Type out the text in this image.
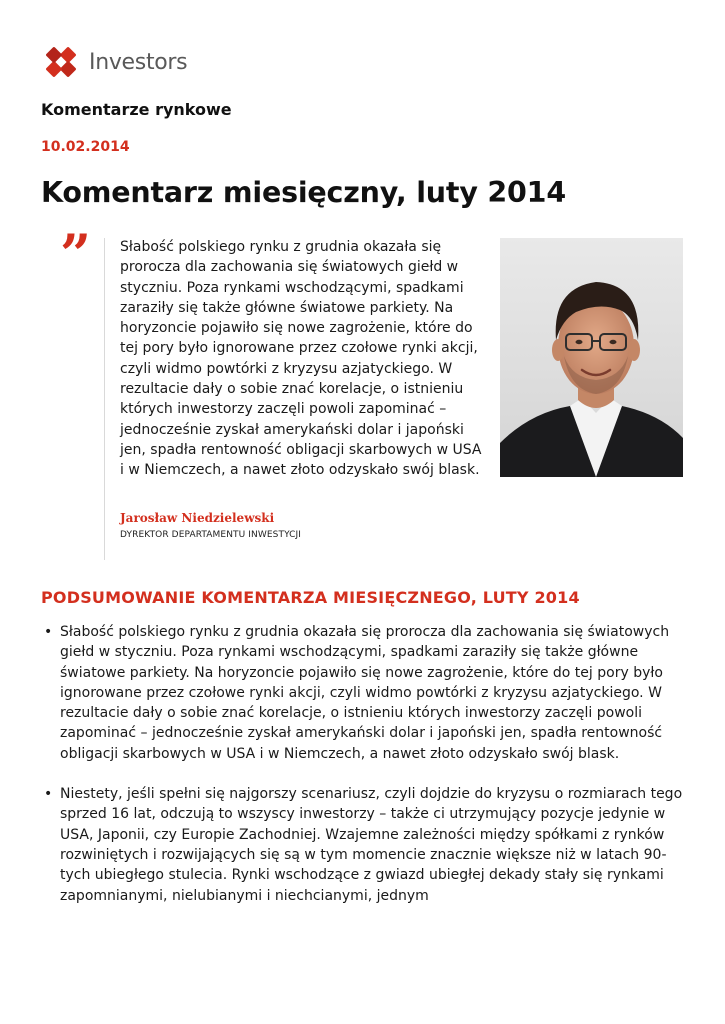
Investors
Komentarze rynkowe
10.02.2014
Komentarz miesięczny, luty 2014
” Słabość polskiego rynku z grudnia okazała się prorocza dla zachowania się światowych giełd w styczniu. Poza rynkami wschodzącymi, spadkami zaraziły się także główne światowe parkiety. Na horyzoncie pojawiło się nowe zagrożenie, które do tej pory było ignorowane przez czołowe rynki akcji, czyli widmo powtórki z kryzysu azjatyckiego. W rezultacie dały o sobie znać korelacje, o istnieniu których inwestorzy zaczęli powoli zapominać – jednocześnie zyskał amerykański dolar i japoński jen, spadła rentowność obligacji skarbowych w USA i w Niemczech, a nawet złoto odzyskało swój blask.

Jarosław Niedzielewski
DYREKTOR DEPARTAMENTU INWESTYCJI
PODSUMOWANIE KOMENTARZA MIESIĘCZNEGO, LUTY 2014
• Słabość polskiego rynku z grudnia okazała się prorocza dla zachowania się światowych giełd w styczniu. Poza rynkami wschodzącymi, spadkami zaraziły się także główne światowe parkiety. Na horyzoncie pojawiło się nowe zagrożenie, które do tej pory było ignorowane przez czołowe rynki akcji, czyli widmo powtórki z kryzysu azjatyckiego. W rezultacie dały o sobie znać korelacje, o istnieniu których inwestorzy zaczęli powoli zapominać – jednocześnie zyskał amerykański dolar i japoński jen, spadła rentowność obligacji skarbowych w USA i w Niemczech, a nawet złoto odzyskało swój blask.
• Niestety, jeśli spełni się najgorszy scenariusz, czyli dojdzie do kryzysu o rozmiarach tego sprzed 16 lat, odczują to wszyscy inwestorzy – także ci utrzymujący pozycje jedynie w USA, Japonii, czy Europie Zachodniej. Wzajemne zależności między spółkami z rynków rozwiniętych i rozwijających się są w tym momencie znacznie większe niż w latach 90-tych ubiegłego stulecia. Rynki wschodzące z gwiazd ubiegłej dekady stały się rynkami zapomnianymi, nielubianymi i niechcianymi, jednym
